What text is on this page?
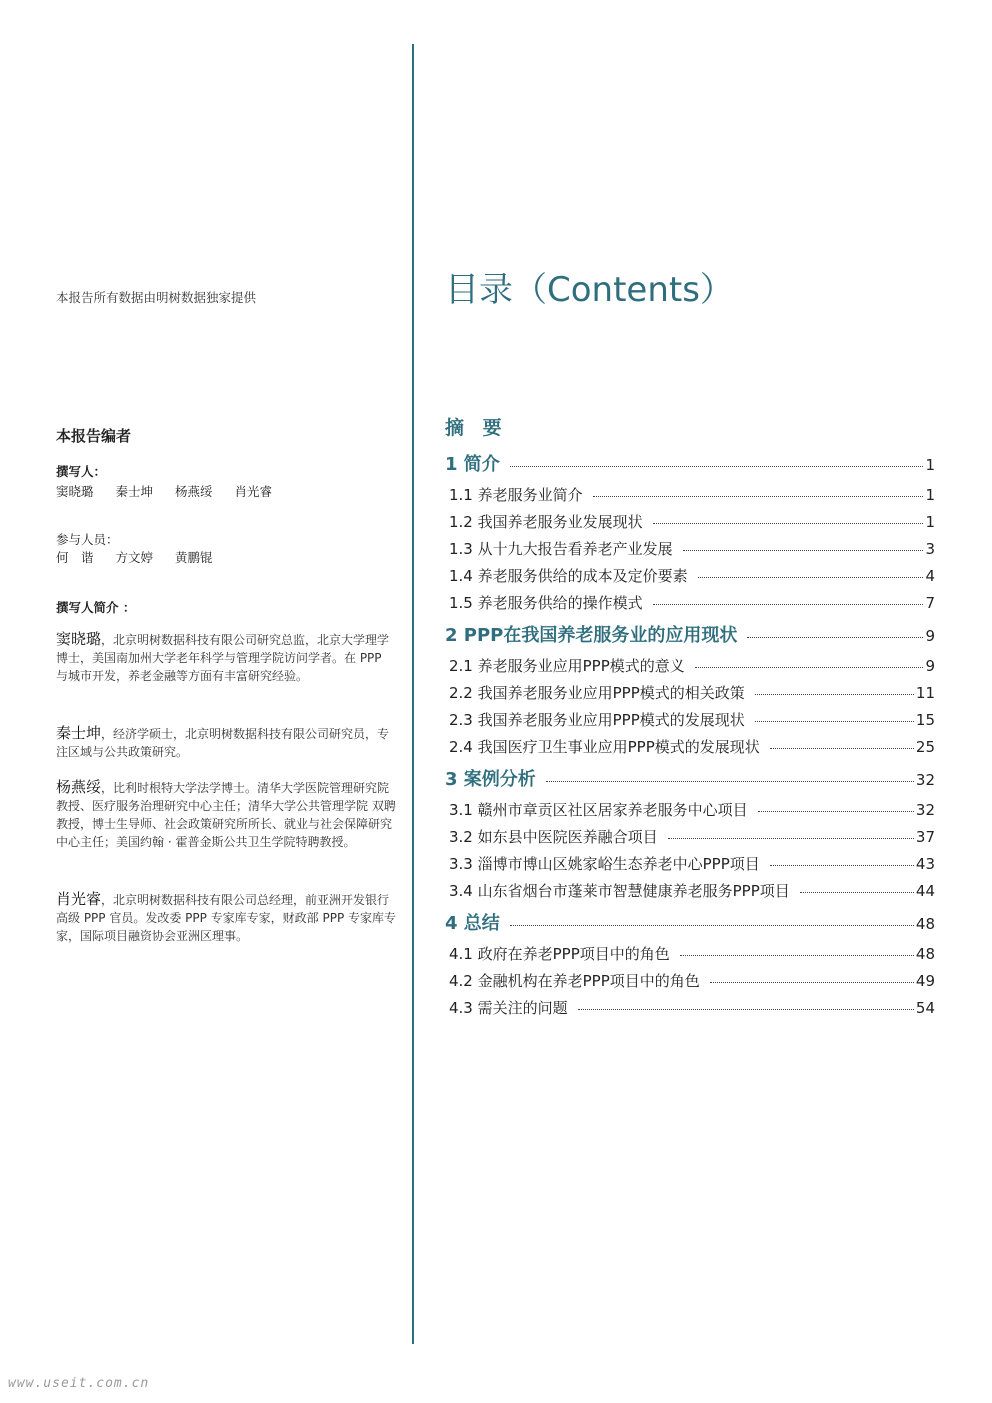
本报告所有数据由明树数据独家提供
本报告编者
撰写人：
窦晓璐 秦士坤 杨燕绥 肖光睿
参与人员：
何　谐 方文婷 黄鹏锟
撰写人简介 ：
窦晓璐，北京明树数据科技有限公司研究总监，北京大学理学博士，美国南加州大学老年科学与管理学院访问学者。在 PPP 与城市开发，养老金融等方面有丰富研究经验。
秦士坤，经济学硕士，北京明树数据科技有限公司研究员，专注区域与公共政策研究。
杨燕绥，比利时根特大学法学博士。清华大学医院管理研究院 教授、医疗服务治理研究中心主任；清华大学公共管理学院 双聘教授，博士生导师、社会政策研究所所长、就业与社会保障研究中心主任；美国约翰 · 霍普金斯公共卫生学院特聘教授。
肖光睿，北京明树数据科技有限公司总经理，前亚洲开发银行高级 PPP 官员。发改委 PPP 专家库专家，财政部 PPP 专家库专家，国际项目融资协会亚洲区理事。
目录（Contents）
摘 要
1 简介	1
1.1 养老服务业简介	1
1.2 我国养老服务业发展现状	1
1.3 从十九大报告看养老产业发展	3
1.4 养老服务供给的成本及定价要素	4
1.5 养老服务供给的操作模式	7
2 PPP在我国养老服务业的应用现状	9
2.1 养老服务业应用PPP模式的意义	9
2.2 我国养老服务业应用PPP模式的相关政策	11
2.3 我国养老服务业应用PPP模式的发展现状	15
2.4 我国医疗卫生事业应用PPP模式的发展现状	25
3 案例分析	32
3.1 赣州市章贡区社区居家养老服务中心项目	32
3.2 如东县中医院医养融合项目	37
3.3 淄博市博山区姚家峪生态养老中心PPP项目	43
3.4 山东省烟台市蓬莱市智慧健康养老服务PPP项目	44
4 总结	48
4.1 政府在养老PPP项目中的角色	48
4.2 金融机构在养老PPP项目中的角色	49
4.3 需关注的问题	54
www.useit.com.cn
